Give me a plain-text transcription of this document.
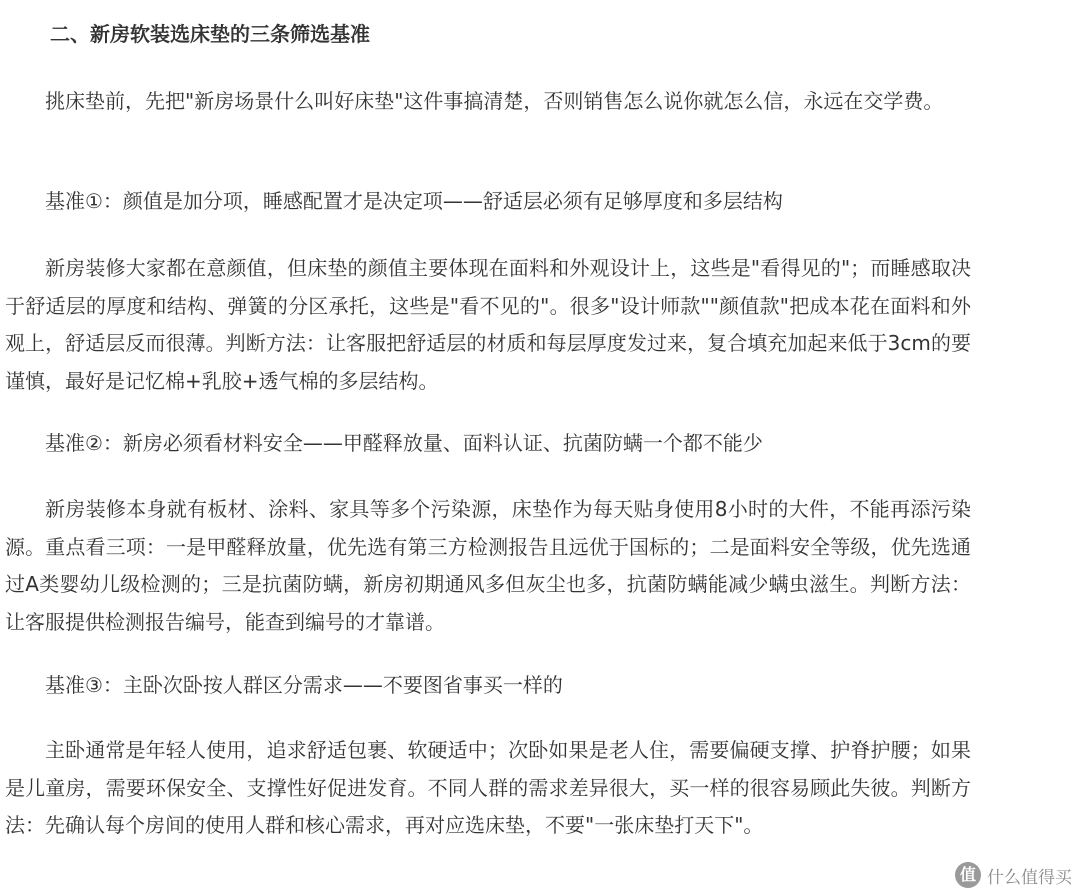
二、新房软装选床垫的三条筛选基准

挑床垫前，先把"新房场景什么叫好床垫"这件事搞清楚，否则销售怎么说你就怎么信，永远在交学费。

基准①：颜值是加分项，睡感配置才是决定项——舒适层必须有足够厚度和多层结构

新房装修大家都在意颜值，但床垫的颜值主要体现在面料和外观设计上，这些是"看得见的"；而睡感取决于舒适层的厚度和结构、弹簧的分区承托，这些是"看不见的"。很多"设计师款""颜值款"把成本花在面料和外观上，舒适层反而很薄。判断方法：让客服把舒适层的材质和每层厚度发过来，复合填充加起来低于3cm的要谨慎，最好是记忆棉+乳胶+透气棉的多层结构。

基准②：新房必须看材料安全——甲醛释放量、面料认证、抗菌防螨一个都不能少

新房装修本身就有板材、涂料、家具等多个污染源，床垫作为每天贴身使用8小时的大件，不能再添污染源。重点看三项：一是甲醛释放量，优先选有第三方检测报告且远优于国标的；二是面料安全等级，优先选通过A类婴幼儿级检测的；三是抗菌防螨，新房初期通风多但灰尘也多，抗菌防螨能减少螨虫滋生。判断方法：让客服提供检测报告编号，能查到编号的才靠谱。

基准③：主卧次卧按人群区分需求——不要图省事买一样的

主卧通常是年轻人使用，追求舒适包裹、软硬适中；次卧如果是老人住，需要偏硬支撑、护脊护腰；如果是儿童房，需要环保安全、支撑性好促进发育。不同人群的需求差异很大，买一样的很容易顾此失彼。判断方法：先确认每个房间的使用人群和核心需求，再对应选床垫，不要"一张床垫打天下"。

值 什么值得买
